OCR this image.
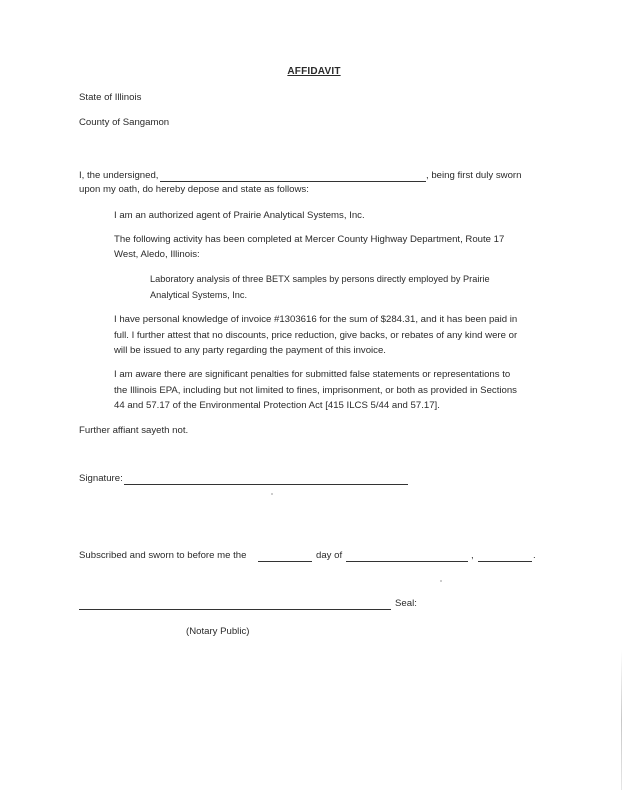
AFFIDAVIT
State of Illinois
County of Sangamon
I, the undersigned,	, being first duly sworn
upon my oath, do hereby depose and state as follows:
I am an authorized agent of Prairie Analytical Systems, Inc.
The following activity has been completed at Mercer County Highway Department, Route 17
West, Aledo, Illinois:
Laboratory analysis of three BETX samples by persons directly employed by Prairie
Analytical Systems, Inc.
I have personal knowledge of invoice #1303616 for the sum of $284.31, and it has been paid in
full. I further attest that no discounts, price reduction, give backs, or rebates of any kind were or
will be issued to any party regarding the payment of this invoice.
I am aware there are significant penalties for submitted false statements or representations to
the Illinois EPA, including but not limited to fines, imprisonment, or both as provided in Sections
44 and 57.17 of the Environmental Protection Act [415 ILCS 5/44 and 57.17].
Further affiant sayeth not.
Signature:
Subscribed and sworn to before me the	day of	,	.
Seal:
(Notary Public)
